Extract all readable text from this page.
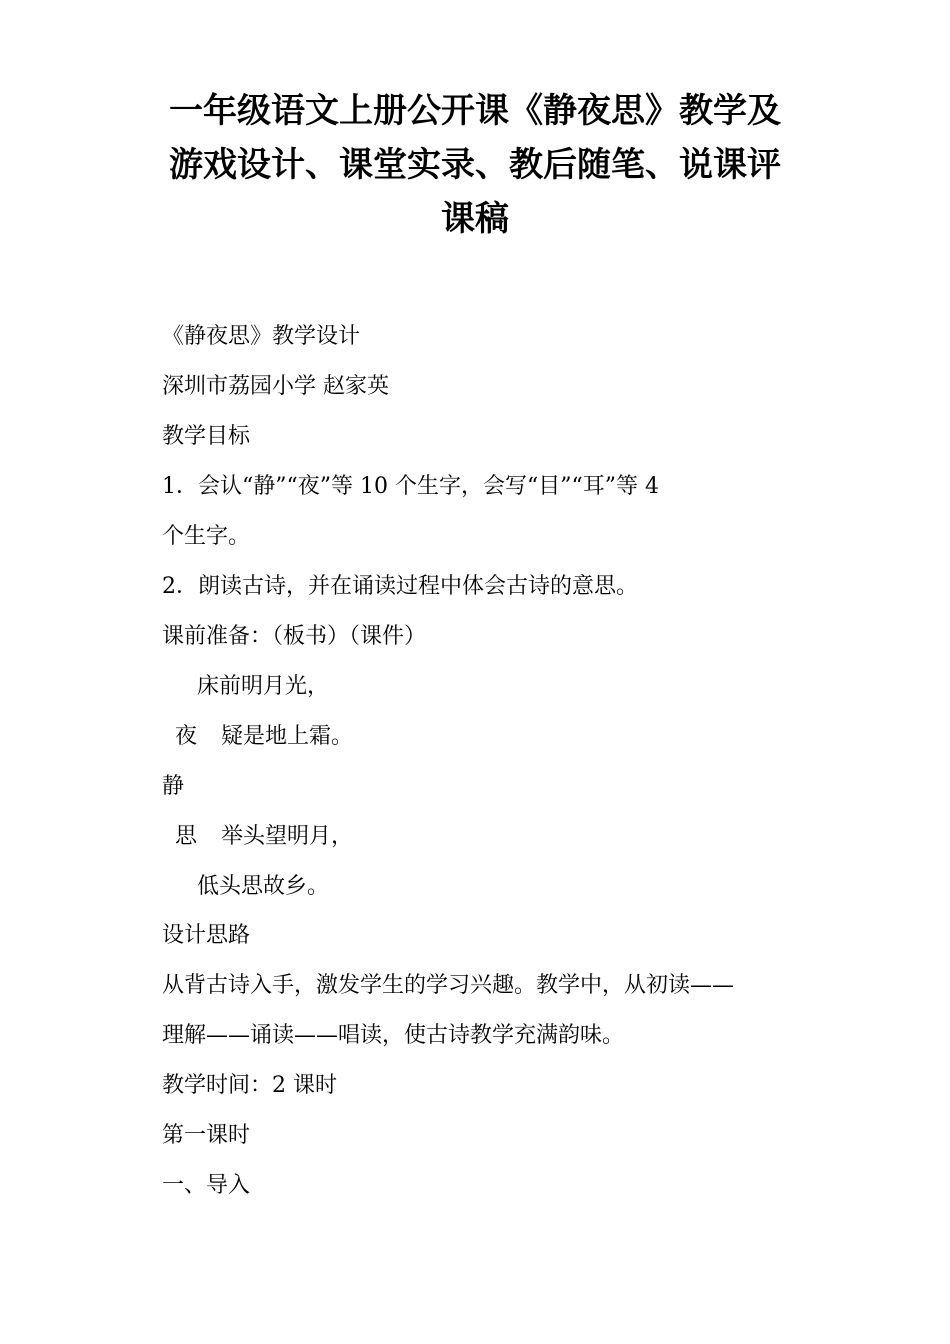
一年级语文上册公开课《静夜思》教学及
游戏设计、课堂实录、教后随笔、说课评
课稿

《静夜思》教学设计

深圳市荔园小学 赵家英

教学目标

1．会认“静”“夜”等 10 个生字，会写“目”“耳”等 4

个生字。

2．朗读古诗，并在诵读过程中体会古诗的意思。

课前准备：（板书）（课件）

床前明月光，

夜 疑是地上霜。

静

思 举头望明月，

低头思故乡。

设计思路

从背古诗入手，激发学生的学习兴趣。教学中，从初读——

理解——诵读——唱读，使古诗教学充满韵味。

教学时间：2 课时

第一课时

一、导入
